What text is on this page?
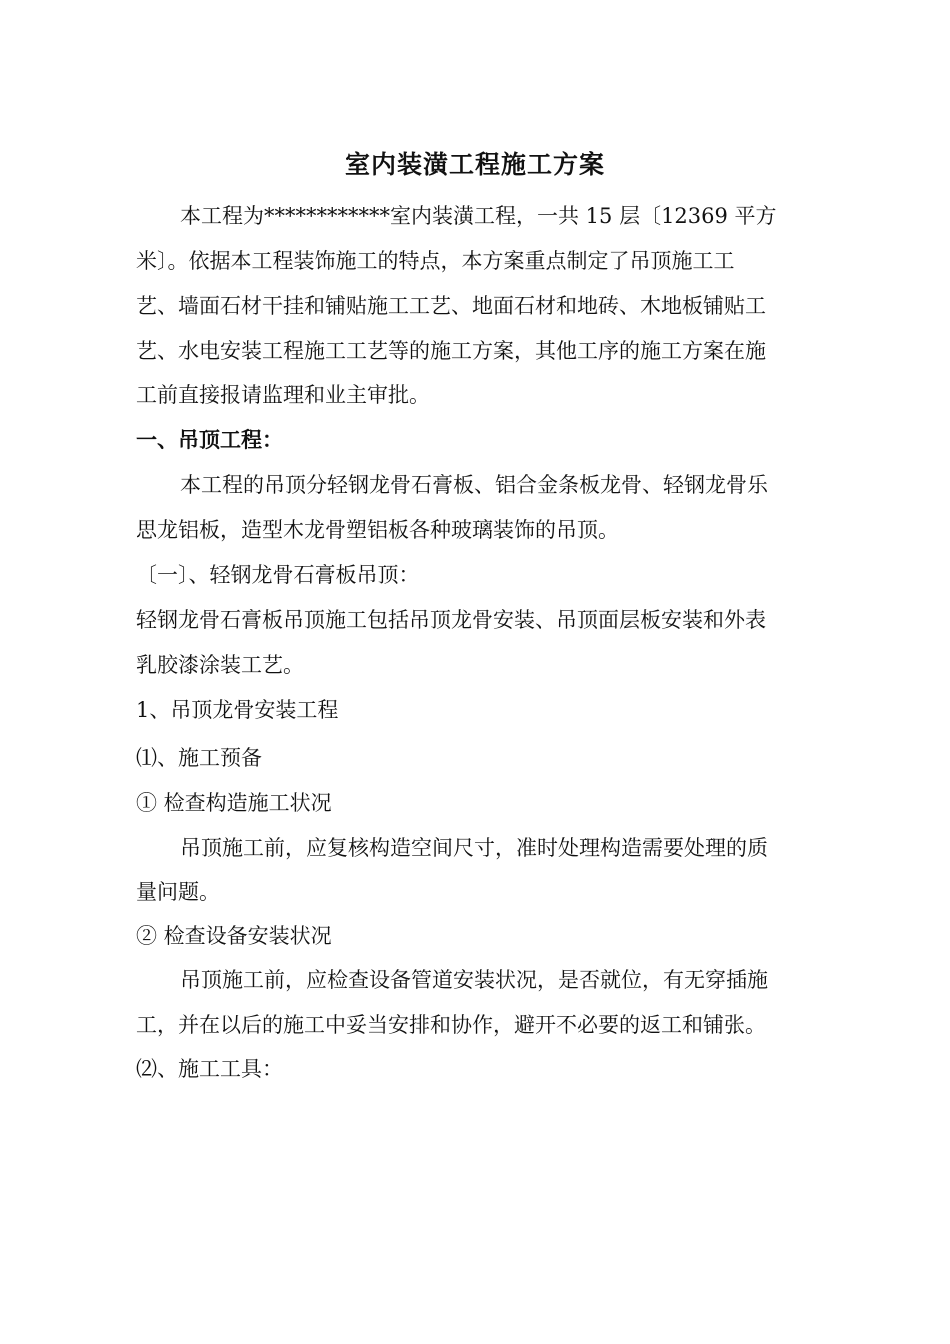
室内装潢工程施工方案
本工程为************室内装潢工程，一共 15 层〔12369 平方
米〕。依据本工程装饰施工的特点，本方案重点制定了吊顶施工工
艺、墙面石材干挂和铺贴施工工艺、地面石材和地砖、木地板铺贴工
艺、水电安装工程施工工艺等的施工方案，其他工序的施工方案在施
工前直接报请监理和业主审批。
一、吊顶工程：
本工程的吊顶分轻钢龙骨石膏板、铝合金条板龙骨、轻钢龙骨乐
思龙铝板，造型木龙骨塑铝板各种玻璃装饰的吊顶。
〔一〕、轻钢龙骨石膏板吊顶：
轻钢龙骨石膏板吊顶施工包括吊顶龙骨安装、吊顶面层板安装和外表
乳胶漆涂装工艺。
1、吊顶龙骨安装工程
⑴、施工预备
① 检查构造施工状况
吊顶施工前，应复核构造空间尺寸，准时处理构造需要处理的质
量问题。
② 检查设备安装状况
吊顶施工前，应检查设备管道安装状况，是否就位，有无穿插施
工，并在以后的施工中妥当安排和协作，避开不必要的返工和铺张。
⑵、施工工具：
